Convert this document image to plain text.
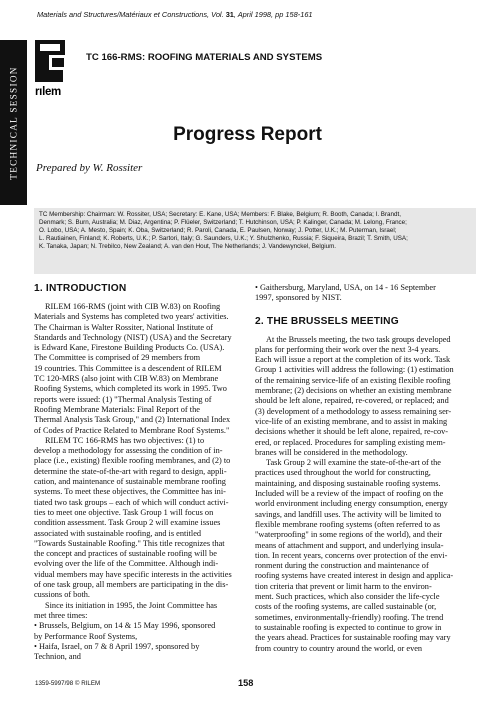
Materials and Structures/Matériaux et Constructions, Vol. 31, April 1998, pp 158-161
TECHNICAL SESSION rılem
TC 166-RMS: ROOFING MATERIALS AND SYSTEMS
Progress Report
Prepared by W. Rossiter
TC Membership: Chairman: W. Rossiter, USA; Secretary: E. Kane, USA; Members: F. Blake, Belgium; R. Booth, Canada; I. Brandt,
Denmark; S. Burn, Australia; M. Diaz, Argentina; P. Flüeler, Switzerland; T. Hutchinson, USA; P. Kalinger, Canada; M. Lelong, France;
O. Lobo, USA; A. Mesto, Spain; K. Oba, Switzerland; R. Paroli, Canada, E. Paulsen, Norway; J. Potter, U.K.; M. Puterman, Israel;
L. Rautiainen, Finland; K. Roberts, U.K.; P. Sartori, Italy; G. Saunders, U.K.; Y. Shulzhenko, Russia; F. Siqueira, Brazil; T. Smith, USA;
K. Tanaka, Japan; N. Trebilco, New Zealand; A. van den Hout, The Netherlands; J. Vandewynckel, Belgium.
1. INTRODUCTION
RILEM 166-RMS (joint with CIB W.83) on Roofing
Materials and Systems has completed two years' activities.
The Chairman is Walter Rossiter, National Institute of
Standards and Technology (NIST) (USA) and the Secretary
is Edward Kane, Firestone Building Products Co. (USA).
The Committee is comprised of 29 members from
19 countries. This Committee is a descendent of RILEM
TC 120-MRS (also joint with CIB W.83) on Membrane
Roofing Systems, which completed its work in 1995. Two
reports were issued: (1) "Thermal Analysis Testing of
Roofing Membrane Materials: Final Report of the
Thermal Analysis Task Group," and (2) International Index
of Codes of Practice Related to Membrane Roof Systems."
RILEM TC 166-RMS has two objectives: (1) to
develop a methodology for assessing the condition of in-
place (i.e., existing) flexible roofing membranes, and (2) to
determine the state-of-the-art with regard to design, appli-
cation, and maintenance of sustainable membrane roofing
systems. To meet these objectives, the Committee has ini-
tiated two task groups – each of which will conduct activi-
ties to meet one objective. Task Group 1 will focus on
condition assessment. Task Group 2 will examine issues
associated with sustainable roofing, and is entitled
"Towards Sustainable Roofing." This title recognizes that
the concept and practices of sustainable roofing will be
evolving over the life of the Committee. Although indi-
vidual members may have specific interests in the activities
of one task group, all members are participating in the dis-
cussions of both.
Since its initiation in 1995, the Joint Committee has
met three times:
• Brussels, Belgium, on 14 & 15 May 1996, sponsored
by Performance Roof Systems,
• Haifa, Israel, on 7 & 8 April 1997, sponsored by
Technion, and
• Gaithersburg, Maryland, USA, on 14 - 16 September
1997, sponsored by NIST.
2. THE BRUSSELS MEETING
At the Brussels meeting, the two task groups developed
plans for performing their work over the next 3-4 years.
Each will issue a report at the completion of its work. Task
Group 1 activities will address the following: (1) estimation
of the remaining service-life of an existing flexible roofing
membrane; (2) decisions on whether an existing membrane
should be left alone, repaired, re-covered, or replaced; and
(3) development of a methodology to assess remaining ser-
vice-life of an existing membrane, and to assist in making
decisions whether it should be left alone, repaired, re-cov-
ered, or replaced. Procedures for sampling existing mem-
branes will be considered in the methodology.
Task Group 2 will examine the state-of-the-art of the
practices used throughout the world for constructing,
maintaining, and disposing sustainable roofing systems.
Included will be a review of the impact of roofing on the
world environment including energy consumption, energy
savings, and landfill uses. The activity will be limited to
flexible membrane roofing systems (often referred to as
"waterproofing" in some regions of the world), and their
means of attachment and support, and underlying insula-
tion. In recent years, concerns over protection of the envi-
ronment during the construction and maintenance of
roofing systems have created interest in design and applica-
tion criteria that prevent or limit harm to the environ-
ment. Such practices, which also consider the life-cycle
costs of the roofing systems, are called sustainable (or,
sometimes, environmentally-friendly) roofing. The trend
to sustainable roofing is expected to continue to grow in
the years ahead. Practices for sustainable roofing may vary
from country to country around the world, or even
1359-5997/98 © RILEM	158
